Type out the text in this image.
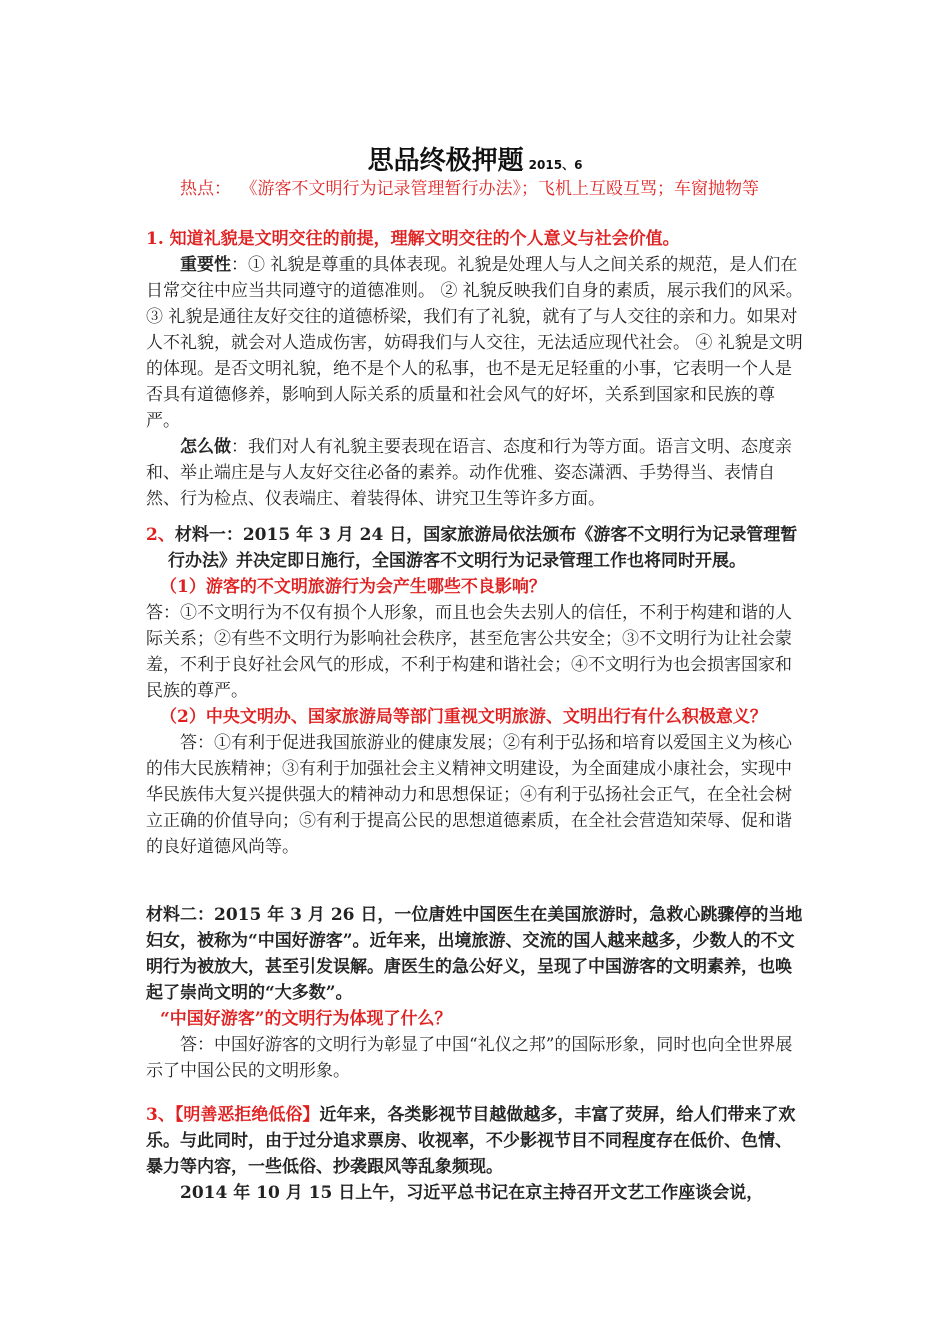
思品终极押题 2015、6

热点： 《游客不文明行为记录管理暂行办法》；飞机上互殴互骂；车窗抛物等

1. 知道礼貌是文明交往的前提，理解文明交往的个人意义与社会价值。

重要性：① 礼貌是尊重的具体表现。礼貌是处理人与人之间关系的规范，是人们在日常交往中应当共同遵守的道德准则。 ② 礼貌反映我们自身的素质，展示我们的风采。③ 礼貌是通往友好交往的道德桥梁，我们有了礼貌，就有了与人交往的亲和力。如果对人不礼貌，就会对人造成伤害，妨碍我们与人交往，无法适应现代社会。 ④ 礼貌是文明的体现。是否文明礼貌，绝不是个人的私事，也不是无足轻重的小事，它表明一个人是否具有道德修养，影响到人际关系的质量和社会风气的好坏，关系到国家和民族的尊严。

怎么做：我们对人有礼貌主要表现在语言、态度和行为等方面。语言文明、态度亲和、举止端庄是与人友好交往必备的素养。动作优雅、姿态潇洒、手势得当、表情自然、行为检点、仪表端庄、着装得体、讲究卫生等许多方面。

2、材料一：2015 年 3 月 24 日，国家旅游局依法颁布《游客不文明行为记录管理暂行办法》并决定即日施行，全国游客不文明行为记录管理工作也将同时开展。

（1）游客的不文明旅游行为会产生哪些不良影响？

答：①不文明行为不仅有损个人形象，而且也会失去别人的信任，不利于构建和谐的人际关系；②有些不文明行为影响社会秩序，甚至危害公共安全；③不文明行为让社会蒙羞，不利于良好社会风气的形成，不利于构建和谐社会；④不文明行为也会损害国家和民族的尊严。

（2）中央文明办、国家旅游局等部门重视文明旅游、文明出行有什么积极意义？

答：①有利于促进我国旅游业的健康发展；②有利于弘扬和培育以爱国主义为核心的伟大民族精神；③有利于加强社会主义精神文明建设，为全面建成小康社会，实现中华民族伟大复兴提供强大的精神动力和思想保证；④有利于弘扬社会正气，在全社会树立正确的价值导向；⑤有利于提高公民的思想道德素质，在全社会营造知荣辱、促和谐的良好道德风尚等。

材料二：2015 年 3 月 26 日，一位唐姓中国医生在美国旅游时，急救心跳骤停的当地妇女，被称为“中国好游客”。近年来，出境旅游、交流的国人越来越多，少数人的不文明行为被放大，甚至引发误解。唐医生的急公好义，呈现了中国游客的文明素养，也唤起了崇尚文明的“大多数”。

“中国好游客”的文明行为体现了什么？

答：中国好游客的文明行为彰显了中国“礼仪之邦”的国际形象，同时也向全世界展示了中国公民的文明形象。

3、【明善恶拒绝低俗】近年来，各类影视节目越做越多，丰富了荧屏，给人们带来了欢乐。与此同时，由于过分追求票房、收视率，不少影视节目不同程度存在低价、色情、暴力等内容，一些低俗、抄袭跟风等乱象频现。

2014 年 10 月 15 日上午，习近平总书记在京主持召开文艺工作座谈会说，
